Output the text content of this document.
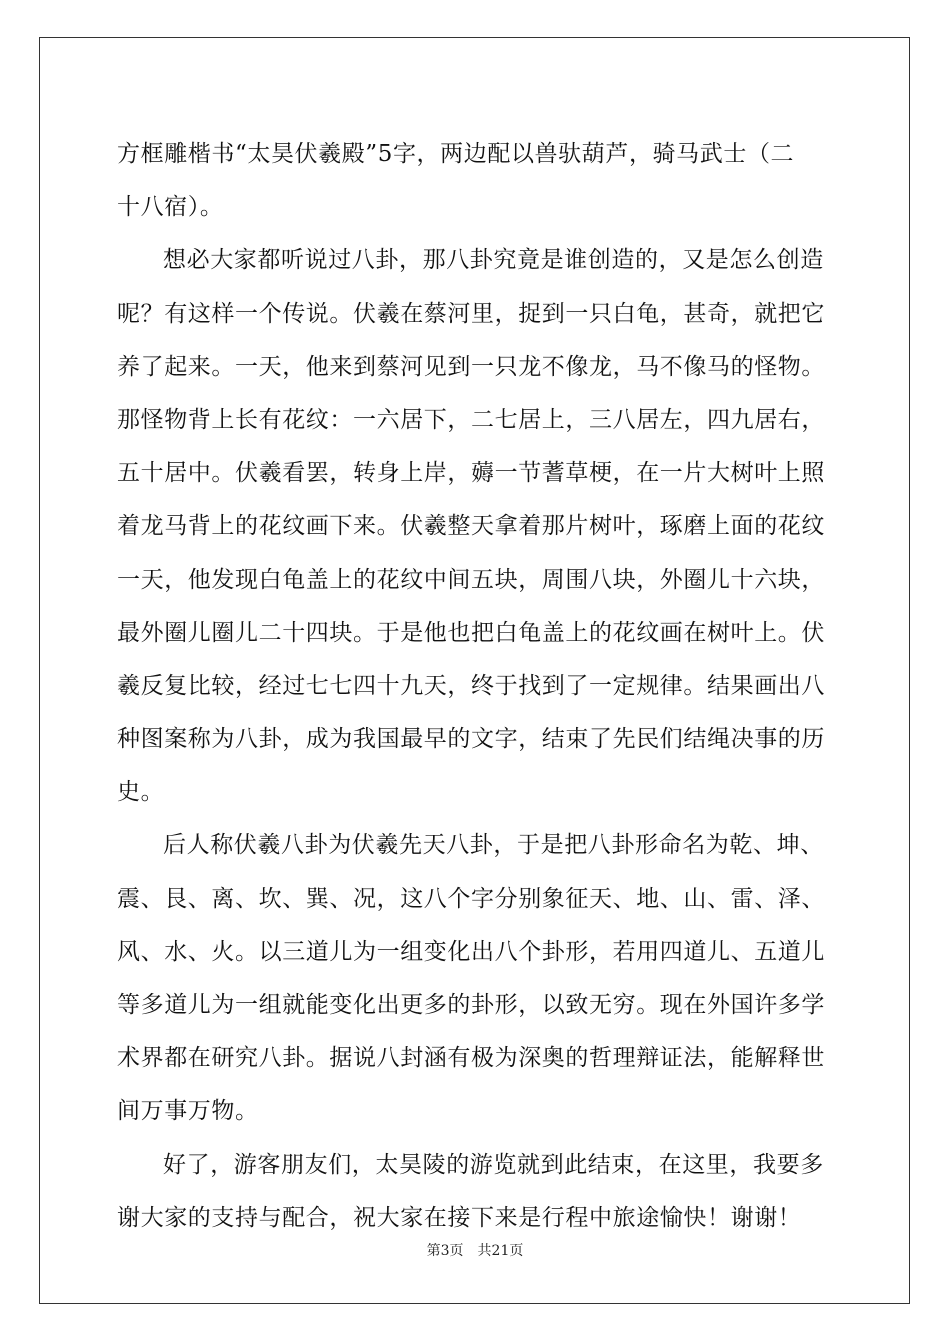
方框雕楷书“太昊伏羲殿”5字，两边配以兽驮葫芦，骑马武士（二
十八宿）。
想必大家都听说过八卦，那八卦究竟是谁创造的，又是怎么创造
呢？有这样一个传说。伏羲在蔡河里，捉到一只白龟，甚奇，就把它
养了起来。一天，他来到蔡河见到一只龙不像龙，马不像马的怪物。
那怪物背上长有花纹：一六居下，二七居上，三八居左，四九居右，
五十居中。伏羲看罢，转身上岸，薅一节蓍草梗，在一片大树叶上照
着龙马背上的花纹画下来。伏羲整天拿着那片树叶，琢磨上面的花纹
一天，他发现白龟盖上的花纹中间五块，周围八块，外圈儿十六块，
最外圈儿圈儿二十四块。于是他也把白龟盖上的花纹画在树叶上。伏
羲反复比较，经过七七四十九天，终于找到了一定规律。结果画出八
种图案称为八卦，成为我国最早的文字，结束了先民们结绳决事的历
史。
后人称伏羲八卦为伏羲先天八卦，于是把八卦形命名为乾、坤、
震、艮、离、坎、巽、况，这八个字分别象征天、地、山、雷、泽、
风、水、火。以三道儿为一组变化出八个卦形，若用四道儿、五道儿
等多道儿为一组就能变化出更多的卦形，以致无穷。现在外国许多学
术界都在研究八卦。据说八封涵有极为深奥的哲理辩证法，能解释世
间万事万物。
好了，游客朋友们，太昊陵的游览就到此结束，在这里，我要多
谢大家的支持与配合，祝大家在接下来是行程中旅途愉快！谢谢！
第3页 共21页
